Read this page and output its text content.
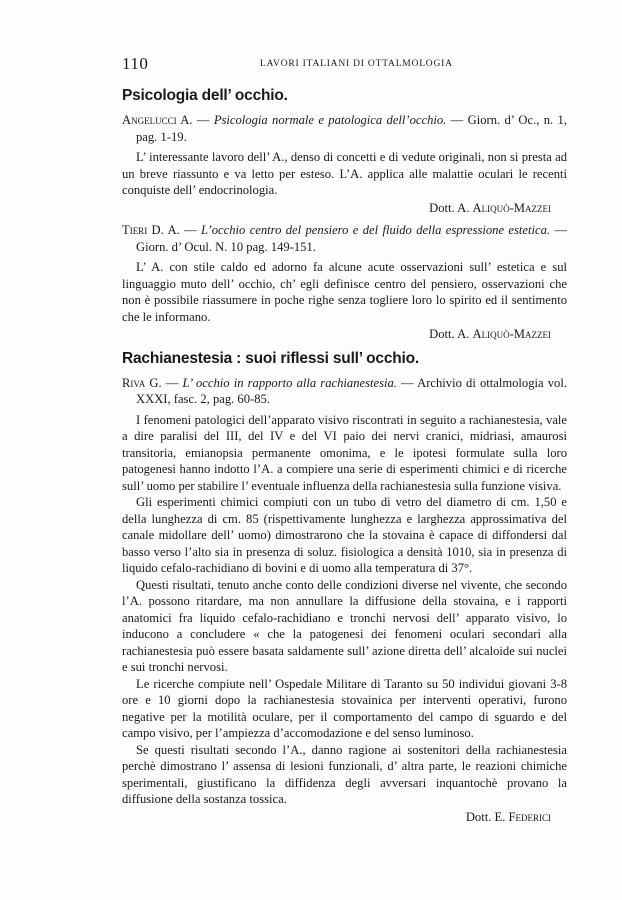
110	LAVORI ITALIANI DI OTTALMOLOGIA
Psicologia dell’ occhio.
Angelucci A. — Psicologia normale e patologica dell’occhio. — Giorn. d’ Oc., n. 1, pag. 1-19.

L’ interessante lavoro dell’ A., denso di concetti e di vedute originali, non si presta ad un breve riassunto e va letto per esteso. L’A. applica alle malattie oculari le recenti conquiste dell’ endocrinologia.

Dott. A. Aliquò-Mazzei
Tieri D. A. — L’occhio centro del pensiero e del fluido della espressione estetica. — Giorn. d’ Ocul. N. 10 pag. 149-151.

L’ A. con stile caldo ed adorno fa alcune acute osservazioni sull’ estetica e sul linguaggio muto dell’ occhio, ch’ egli definisce centro del pensiero, osservazioni che non è possibile riassumere in poche righe senza togliere loro lo spirito ed il sentimento che le informano.

Dott. A. Aliquò-Mazzei
Rachianestesia : suoi riflessi sull’ occhio.
Riva G. — L’ occhio in rapporto alla rachianestesia. — Archivio di ottalmologia vol. XXXI, fasc. 2, pag. 60-85.

I fenomeni patologici dell’apparato visivo riscontrati in seguito a rachianestesia, vale a dire paralisi del III, del IV e del VI paio dei nervi cranici, midriasi, amaurosi transitoria, emianopsia permanente omonima, e le ipotesi formulate sulla loro patogenesi hanno indotto l’A. a compiere una serie di esperimenti chimici e di ricerche sull’ uomo per stabilire l’ eventuale influenza della rachianestesia sulla funzione visiva.

Gli esperimenti chimici compiuti con un tubo di vetro del diametro di cm. 1,50 e della lunghezza di cm. 85 (rispettivamente lunghezza e larghezza approssimativa del canale midollare dell’ uomo) dimostrarono che la stovaina è capace di diffondersi dal basso verso l’alto sia in presenza di soluz. fisiologica a densità 1010, sia in presenza di liquido cefalo-rachidiano di bovini e di uomo alla temperatura di 37°.

Questi risultati, tenuto anche conto delle condizioni diverse nel vivente, che secondo l’A. possono ritardare, ma non annullare la diffusione della stovaina, e i rapporti anatomici fra liquido cefalo-rachidiano e tronchi nervosi dell’ apparato visivo, lo inducono a concludere « che la patogenesi dei fenomeni oculari secondari alla rachianestesia può essere basata saldamente sull’ azione diretta dell’ alcaloide sui nuclei e sui tronchi nervosi.

Le ricerche compiute nell’ Ospedale Militare di Taranto su 50 individui giovani 3-8 ore e 10 giorni dopo la rachianestesia stovainica per interventi operativi, furono negative per la motilità oculare, per il comportamento del campo di sguardo e del campo visivo, per l’ampiezza d’accomodazione e del senso luminoso.

Se questi risultati secondo l’A., danno ragione ai sostenitori della rachianestesia perchè dimostrano l’ assensa di lesioni funzionali, d’ altra parte, le reazioni chimiche sperimentali, giustificano la diffidenza degli avversari inquantochè provano la diffusione della sostanza tossica.

Dott. E. Federici
